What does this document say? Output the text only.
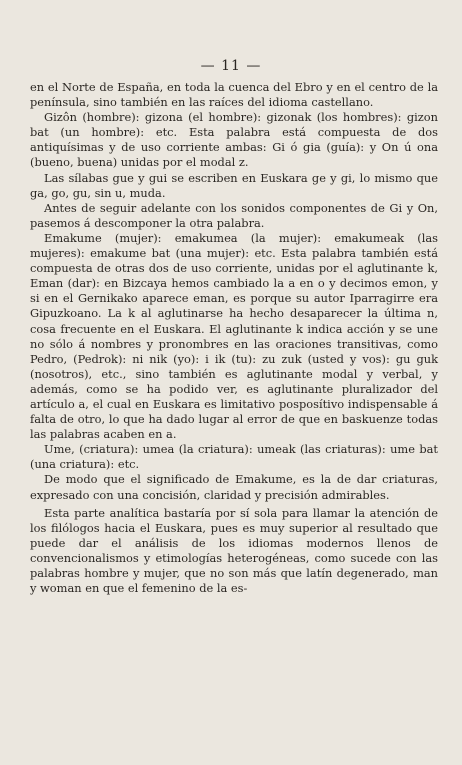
— 11 —

en el Norte de España, en toda la cuenca del Ebro y en el centro de la península, sino también en las raíces del idioma castellano.

Gizôn (hombre): gizona (el hombre): gizonak (los hombres): gizon bat (un hombre): etc. Esta palabra está compuesta de dos antiquísimas y de uso corriente ambas: Gi ó gia (guía): y On ú ona (bueno, buena) unidas por el modal z.

Las sílabas gue y gui se escriben en Euskara ge y gi, lo mismo que ga, go, gu, sin u, muda.

Antes de seguir adelante con los sonidos componentes de Gi y On, pasemos á descomponer la otra palabra.

Emakume (mujer): emakumea (la mujer): emakumeak (las mujeres): emakume bat (una mujer): etc. Esta palabra también está compuesta de otras dos de uso corriente, unidas por el aglutinante k, Eman (dar): en Bizcaya hemos cambiado la a en o y decimos emon, y si en el Gernikako aparece eman, es porque su autor Iparragirre era Gipuzkoano. La k al aglutinarse ha hecho desaparecer la última n, cosa frecuente en el Euskara. El aglutinante k indica acción y se une no sólo á nombres y pronombres en las oraciones transitivas, como Pedro, (Pedrok): ni nik (yo): i ik (tu): zu zuk (usted y vos): gu guk (nosotros), etc., sino también es aglutinante modal y verbal, y además, como se ha podido ver, es aglutinante pluralizador del artículo a, el cual en Euskara es limitativo posposítivo indispensable á falta de otro, lo que ha dado lugar al error de que en baskuenze todas las palabras acaben en a.

Ume, (criatura): umea (la criatura): umeak (las criaturas): ume bat (una criatura): etc.

De modo que el significado de Emakume, es la de dar criaturas, expresado con una concisión, claridad y precisión admirables.

Esta parte analítica bastaría por sí sola para llamar la atención de los filólogos hacia el Euskara, pues es muy superior al resultado que puede dar el análisis de los idiomas modernos llenos de convencionalismos y etimologías heterogéneas, como sucede con las palabras hombre y mujer, que no son más que latín degenerado, man y woman en que el femenino de la es-
